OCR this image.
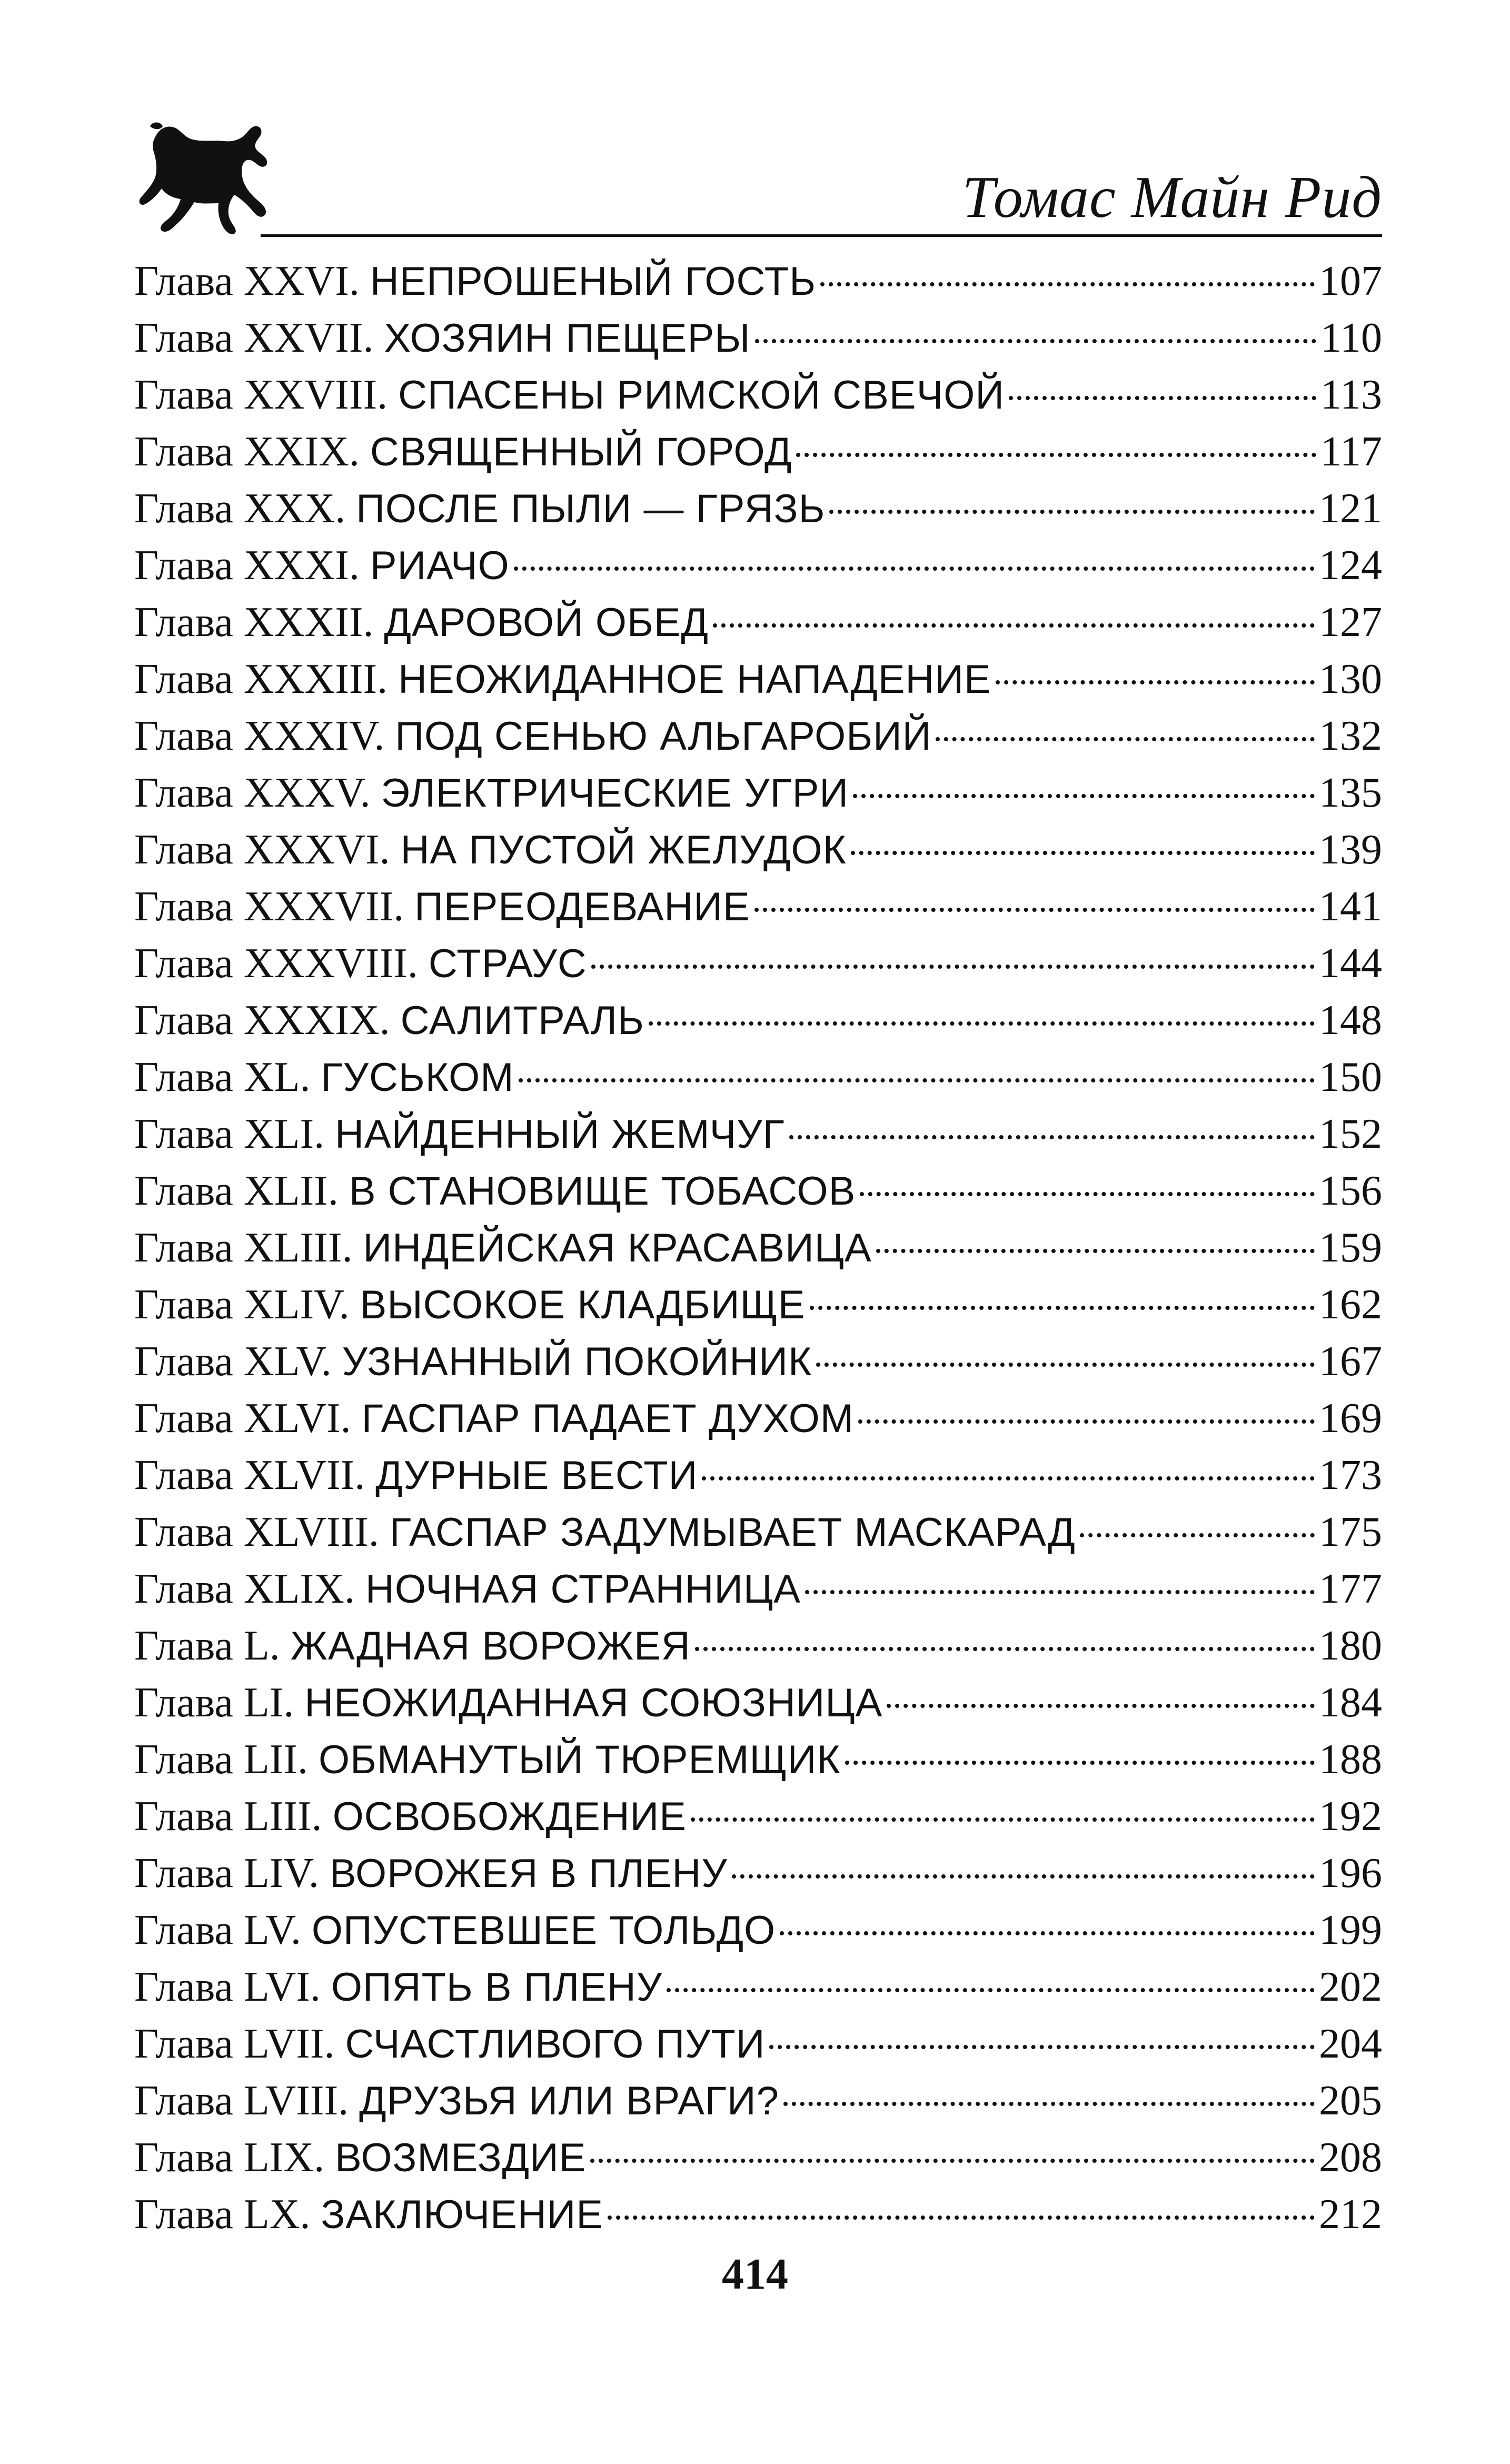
Томас Майн Рид
Глава XXVI. НЕПРОШЕНЫЙ ГОСТЬ	107
Глава XXVII. ХОЗЯИН ПЕЩЕРЫ	110
Глава XXVIII. СПАСЕНЫ РИМСКОЙ СВЕЧОЙ	113
Глава XXIX. СВЯЩЕННЫЙ ГОРОД	117
Глава XXX. ПОСЛЕ ПЫЛИ — ГРЯЗЬ	121
Глава XXXI. РИАЧО	124
Глава XXXII. ДАРОВОЙ ОБЕД	127
Глава XXXIII. НЕОЖИДАННОЕ НАПАДЕНИЕ	130
Глава XXXIV. ПОД СЕНЬЮ АЛЬГАРОБИЙ	132
Глава XXXV. ЭЛЕКТРИЧЕСКИЕ УГРИ	135
Глава XXXVI. НА ПУСТОЙ ЖЕЛУДОК	139
Глава XXXVII. ПЕРЕОДЕВАНИЕ	141
Глава XXXVIII. СТРАУС	144
Глава XXXIX. САЛИТРАЛЬ	148
Глава XL. ГУСЬКОМ	150
Глава XLI. НАЙДЕННЫЙ ЖЕМЧУГ	152
Глава XLII. В СТАНОВИЩЕ ТОБАСОВ	156
Глава XLIII. ИНДЕЙСКАЯ КРАСАВИЦА	159
Глава XLIV. ВЫСОКОЕ КЛАДБИЩЕ	162
Глава XLV. УЗНАННЫЙ ПОКОЙНИК	167
Глава XLVI. ГАСПАР ПАДАЕТ ДУХОМ	169
Глава XLVII. ДУРНЫЕ ВЕСТИ	173
Глава XLVIII. ГАСПАР ЗАДУМЫВАЕТ МАСКАРАД	175
Глава XLIX. НОЧНАЯ СТРАННИЦА	177
Глава L. ЖАДНАЯ ВОРОЖЕЯ	180
Глава LI. НЕОЖИДАННАЯ СОЮЗНИЦА	184
Глава LII. ОБМАНУТЫЙ ТЮРЕМЩИК	188
Глава LIII. ОСВОБОЖДЕНИЕ	192
Глава LIV. ВОРОЖЕЯ В ПЛЕНУ	196
Глава LV. ОПУСТЕВШЕЕ ТОЛЬДО	199
Глава LVI. ОПЯТЬ В ПЛЕНУ	202
Глава LVII. СЧАСТЛИВОГО ПУТИ	204
Глава LVIII. ДРУЗЬЯ ИЛИ ВРАГИ?	205
Глава LIX. ВОЗМЕЗДИЕ	208
Глава LX. ЗАКЛЮЧЕНИЕ	212
414
